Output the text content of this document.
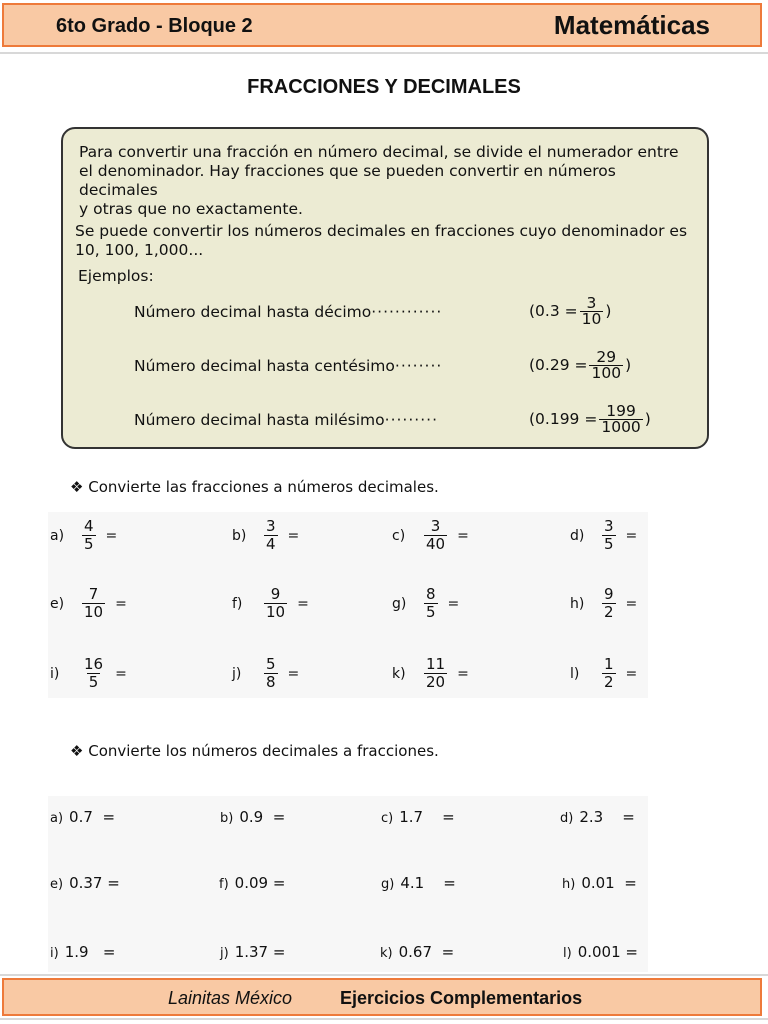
6to Grado - Bloque 2	Matemáticas
FRACCIONES Y DECIMALES
Para convertir una fracción en número decimal, se divide el numerador entre
el denominador. Hay fracciones que se pueden convertir en números decimales
y otras que no exactamente.
Se puede convertir los números decimales en fracciones cuyo denominador es
10, 100, 1,000...
Ejemplos:
Número decimal hasta décimo············	($0.3 = \frac{3}{10}$ )
Número decimal hasta centésimo········	($0.29 = \frac{29}{100}$ )
Número decimal hasta milésimo·········	($0.199 = \frac{199}{1000}$ )
❖ Convierte las fracciones a números decimales.
a)	$\frac{4}{5}$ =	b)	$\frac{3}{4}$ =	c)	$\frac{3}{40}$ =	d)	$\frac{3}{5}$ =
e)	$\frac{7}{10}$ =	f)	$\frac{9}{10}$ =	g)	$\frac{8}{5}$ =	h)	$\frac{9}{2}$ =
i)	$\frac{16}{5}$ =	j)	$\frac{5}{8}$ =	k)	$\frac{11}{20}$ =	l)	$\frac{1}{2}$ =
❖ Convierte los números decimales a fracciones.
a) 0.7 =	b) 0.9 =	c) 1.7 =	d) 2.3 =
e) 0.37 =	f) 0.09 =	g) 4.1 =	h) 0.01 =
i) 1.9 =	j) 1.37 =	k) 0.67 =	l) 0.001 =
Lainitas México	Ejercicios Complementarios
